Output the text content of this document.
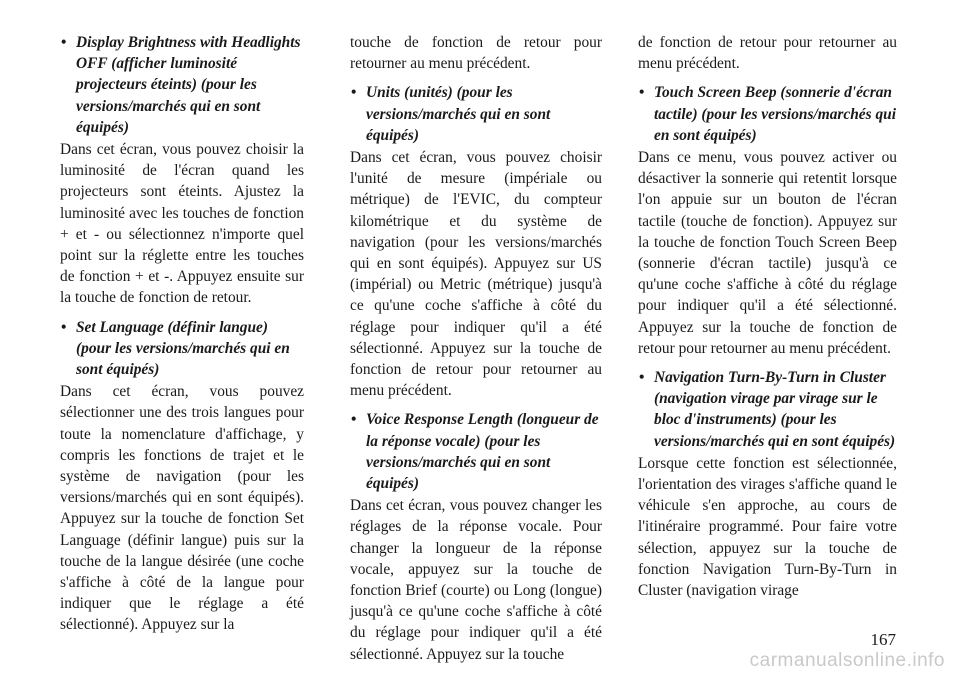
• Display Brightness with Headlights OFF (afficher luminosité projecteurs éteints) (pour les versions/marchés qui en sont équipés)

Dans cet écran, vous pouvez choisir la luminosité de l'écran quand les projecteurs sont éteints. Ajustez la luminosité avec les touches de fonction + et - ou sélectionnez n'importe quel point sur la réglette entre les touches de fonction + et -. Appuyez ensuite sur la touche de fonction de retour.

• Set Language (définir langue) (pour les versions/marchés qui en sont équipés)

Dans cet écran, vous pouvez sélectionner une des trois langues pour toute la nomenclature d'affichage, y compris les fonctions de trajet et le système de navigation (pour les versions/marchés qui en sont équipés). Appuyez sur la touche de fonction Set Language (définir langue) puis sur la touche de la langue désirée (une coche s'affiche à côté de la langue pour indiquer que le réglage a été sélectionné). Appuyez sur la

touche de fonction de retour pour retourner au menu précédent.

• Units (unités) (pour les versions/marchés qui en sont équipés)

Dans cet écran, vous pouvez choisir l'unité de mesure (impériale ou métrique) de l'EVIC, du compteur kilométrique et du système de navigation (pour les versions/marchés qui en sont équipés). Appuyez sur US (impérial) ou Metric (métrique) jusqu'à ce qu'une coche s'affiche à côté du réglage pour indiquer qu'il a été sélectionné. Appuyez sur la touche de fonction de retour pour retourner au menu précédent.

• Voice Response Length (longueur de la réponse vocale) (pour les versions/marchés qui en sont équipés)

Dans cet écran, vous pouvez changer les réglages de la réponse vocale. Pour changer la longueur de la réponse vocale, appuyez sur la touche de fonction Brief (courte) ou Long (longue) jusqu'à ce qu'une coche s'affiche à côté du réglage pour indiquer qu'il a été sélectionné. Appuyez sur la touche

de fonction de retour pour retourner au menu précédent.

• Touch Screen Beep (sonnerie d'écran tactile) (pour les versions/marchés qui en sont équipés)

Dans ce menu, vous pouvez activer ou désactiver la sonnerie qui retentit lorsque l'on appuie sur un bouton de l'écran tactile (touche de fonction). Appuyez sur la touche de fonction Touch Screen Beep (sonnerie d'écran tactile) jusqu'à ce qu'une coche s'affiche à côté du réglage pour indiquer qu'il a été sélectionné. Appuyez sur la touche de fonction de retour pour retourner au menu précédent.

• Navigation Turn-By-Turn in Cluster (navigation virage par virage sur le bloc d'instruments) (pour les versions/marchés qui en sont équipés)

Lorsque cette fonction est sélectionnée, l'orientation des virages s'affiche quand le véhicule s'en approche, au cours de l'itinéraire programmé. Pour faire votre sélection, appuyez sur la touche de fonction Navigation Turn-By-Turn in Cluster (navigation virage

167
carmanualsonline.info
